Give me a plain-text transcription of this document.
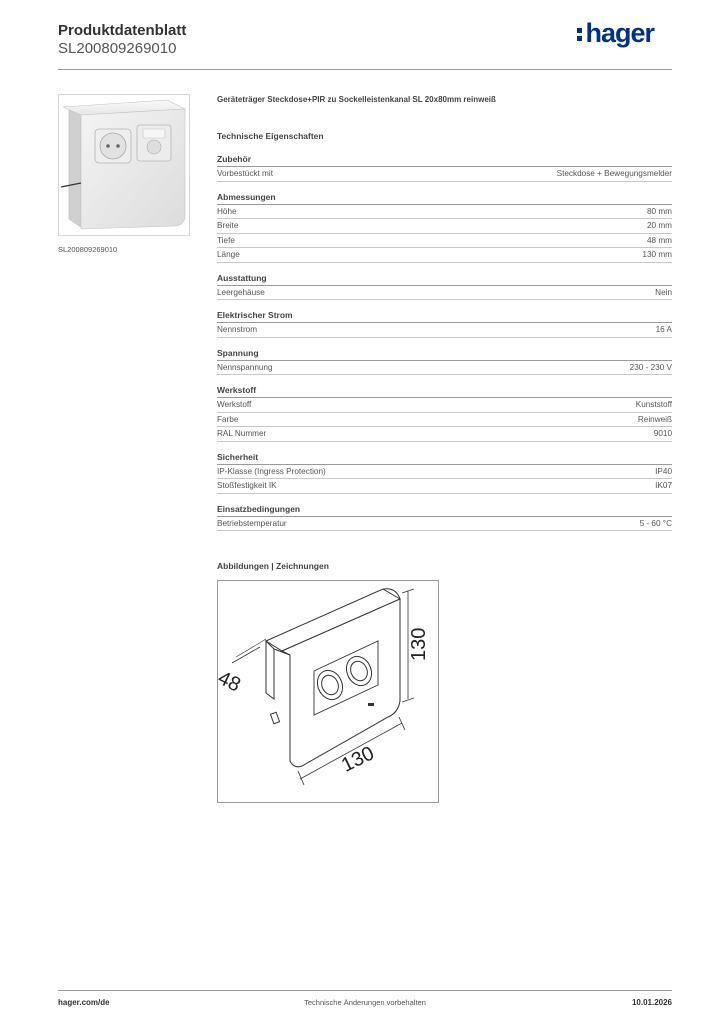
Produktdatenblatt
SL200809269010
hager
SL200809269010
Geräteträger Steckdose+PIR zu Sockelleistenkanal SL 20x80mm reinweiß
Technische Eigenschaften
Zubehör
Vorbestückt mit	Steckdose + Bewegungsmelder
Abmessungen
Höhe	80 mm
Breite	20 mm
Tiefe	48 mm
Länge	130 mm
Ausstattung
Leergehäuse	Nein
Elektrischer Strom
Nennstrom	16 A
Spannung
Nennspannung	230 - 230 V
Werkstoff
Werkstoff	Kunststoff
Farbe	Reinweiß
RAL Nummer	9010
Sicherheit
IP-Klasse (Ingress Protection)	IP40
Stoßfestigkeit IK	IK07
Einsatzbedingungen
Betriebstemperatur	5 - 60 °C
Abbildungen | Zeichnungen
48
130
130
hager.com/de	Technische Änderungen vorbehalten	10.01.2026
